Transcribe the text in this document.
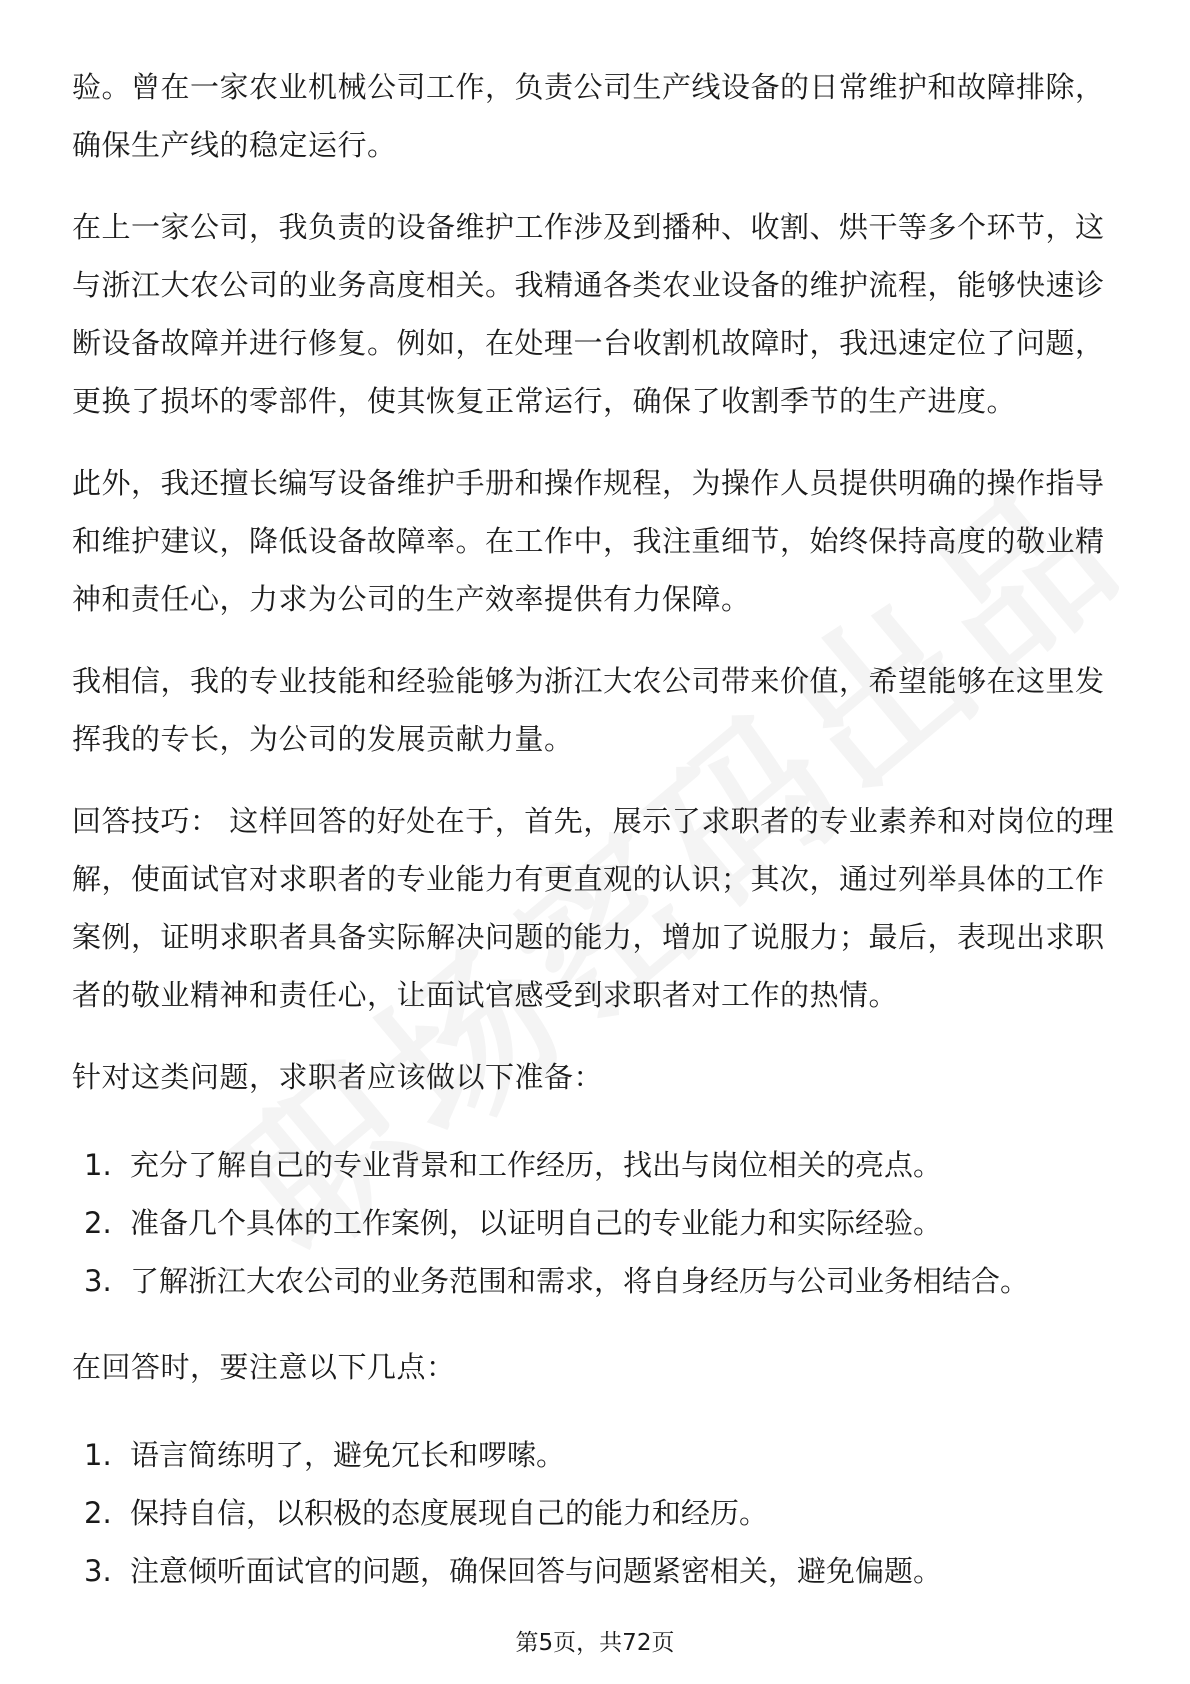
验。曾在一家农业机械公司工作，负责公司生产线设备的日常维护和故障排除，确保生产线的稳定运行。

在上一家公司，我负责的设备维护工作涉及到播种、收割、烘干等多个环节，这与浙江大农公司的业务高度相关。我精通各类农业设备的维护流程，能够快速诊断设备故障并进行修复。例如，在处理一台收割机故障时，我迅速定位了问题，更换了损坏的零部件，使其恢复正常运行，确保了收割季节的生产进度。

此外，我还擅长编写设备维护手册和操作规程，为操作人员提供明确的操作指导和维护建议，降低设备故障率。在工作中，我注重细节，始终保持高度的敬业精神和责任心，力求为公司的生产效率提供有力保障。

我相信，我的专业技能和经验能够为浙江大农公司带来价值，希望能够在这里发挥我的专长，为公司的发展贡献力量。

回答技巧： 这样回答的好处在于，首先，展示了求职者的专业素养和对岗位的理解，使面试官对求职者的专业能力有更直观的认识；其次，通过列举具体的工作案例，证明求职者具备实际解决问题的能力，增加了说服力；最后，表现出求职者的敬业精神和责任心，让面试官感受到求职者对工作的热情。

针对这类问题，求职者应该做以下准备：

1. 充分了解自己的专业背景和工作经历，找出与岗位相关的亮点。
2. 准备几个具体的工作案例，以证明自己的专业能力和实际经验。
3. 了解浙江大农公司的业务范围和需求，将自身经历与公司业务相结合。

在回答时，要注意以下几点：

1. 语言简练明了，避免冗长和啰嗦。
2. 保持自信，以积极的态度展现自己的能力和经历。
3. 注意倾听面试官的问题，确保回答与问题紧密相关，避免偏题。
第5页，共72页
